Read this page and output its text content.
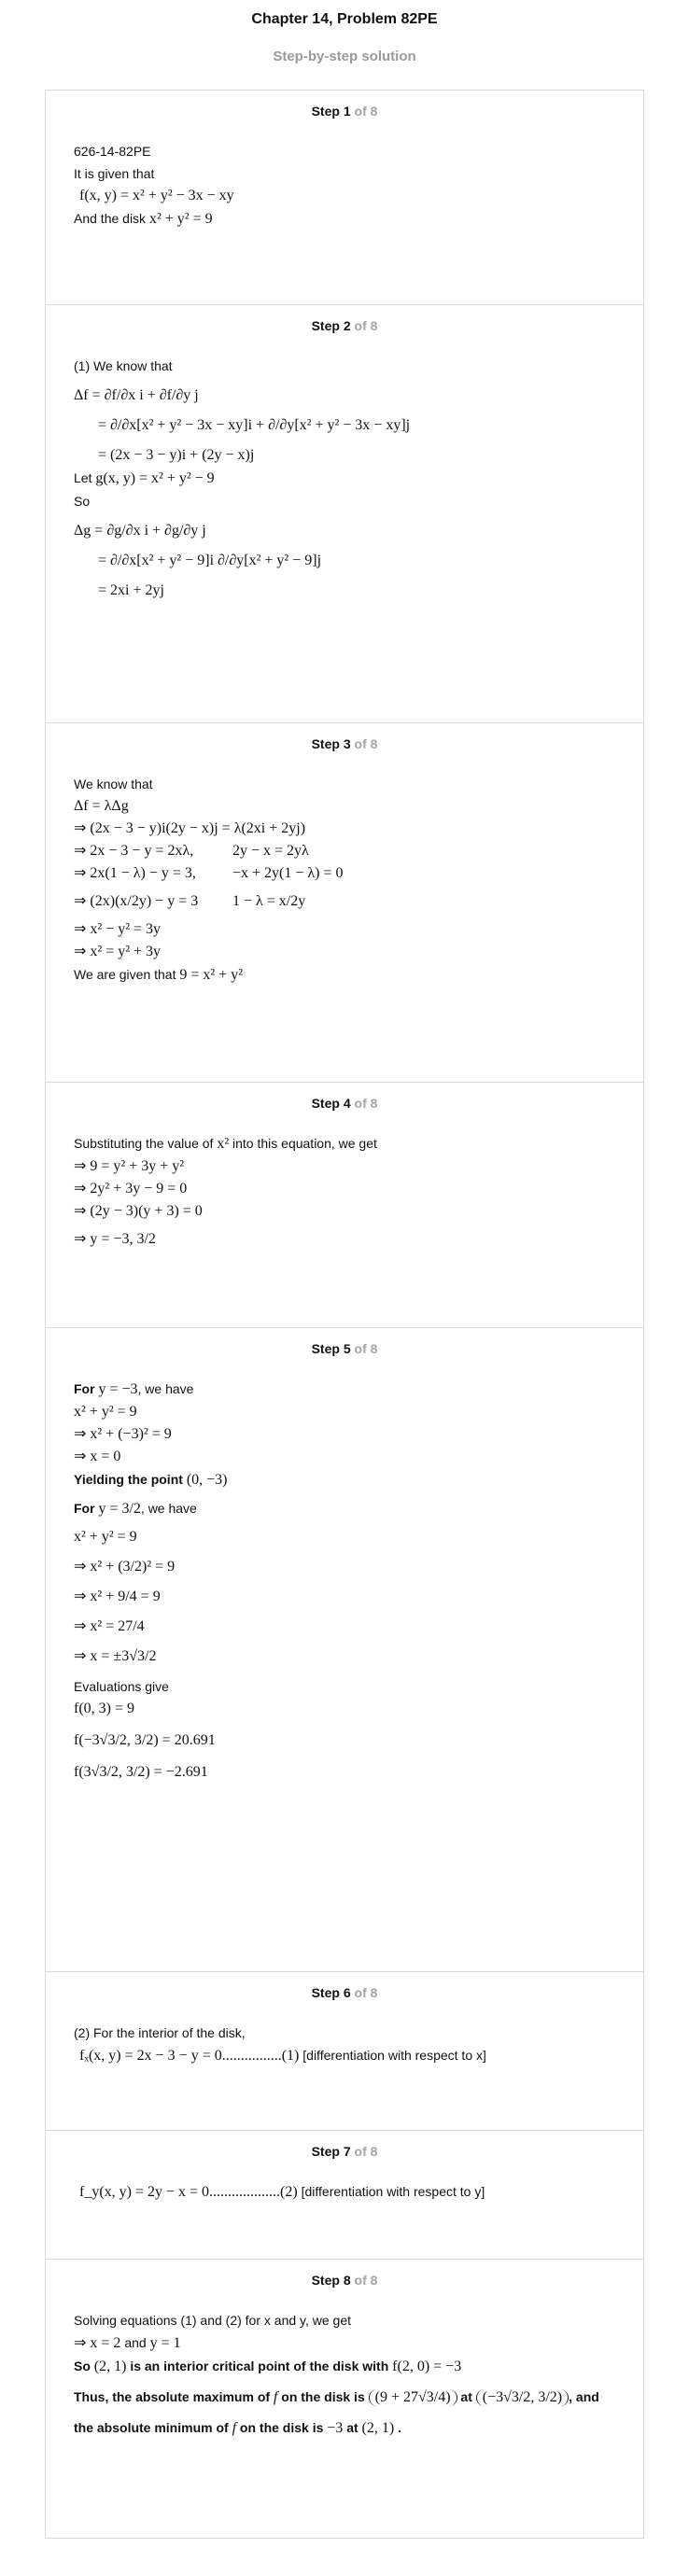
Chapter 14, Problem 82PE
Step-by-step solution
Step 1 of 8
626-14-82PE
It is given that
f(x, y) = x² + y² − 3x − xy
And the disk x² + y² = 9
Step 2 of 8
(1) We know that
Δf = ∂f/∂x i + ∂f/∂y j
= ∂/∂x[x² + y² − 3x − xy]i + ∂/∂y[x² + y² − 3x − xy]j
= (2x − 3 − y)i + (2y − x)j
Let g(x, y) = x² + y² − 9
So
Δg = ∂g/∂x i + ∂g/∂y j
= ∂/∂x[x² + y² − 9]i ∂/∂y[x² + y² − 9]j
= 2xi + 2yj
Step 3 of 8
We know that
Δf = λΔg
⇒ (2x − 3 − y)i(2y − x)j = λ(2xi + 2yj)
⇒ 2x − 3 − y = 2xλ,	2y − x = 2yλ
⇒ 2x(1 − λ) − y = 3, −x + 2y(1 − λ) = 0
⇒ (2x)(x/2y) − y = 3 1 − λ = x/2y
⇒ x² − y² = 3y
⇒ x² = y² + 3y
We are given that 9 = x² + y²
Step 4 of 8
Substituting the value of x² into this equation, we get
⇒ 9 = y² + 3y + y²
⇒ 2y² + 3y − 9 = 0
⇒ (2y − 3)(y + 3) = 0
⇒ y = −3, 3/2
Step 5 of 8
For y = −3, we have
x² + y² = 9
⇒ x² + (−3)² = 9
⇒ x = 0
Yielding the point (0, −3)
For y = 3/2, we have
x² + y² = 9
⇒ x² + (3/2)² = 9
⇒ x² + 9/4 = 9
⇒ x² = 27/4
⇒ x = ±3√3/2
Evaluations give
f(0, 3) = 9
f(−3√3/2, 3/2) = 20.691
f(3√3/2, 3/2) = −2.691
Step 6 of 8
(2) For the interior of the disk,
fₓ(x, y) = 2x − 3 − y = 0................(1) [differentiation with respect to x]
Step 7 of 8
f_y(x, y) = 2y − x = 0...................(2) [differentiation with respect to y]
Step 8 of 8
Solving equations (1) and (2) for x and y, we get
⇒ x = 2 and y = 1
So (2, 1) is an interior critical point of the disk with f(2, 0) = −3
Thus, the absolute maximum of f on the disk is (9 + 27√3/4) at (−3√3/2, 3/2) , and
the absolute minimum of f on the disk is −3 at (2, 1) .
